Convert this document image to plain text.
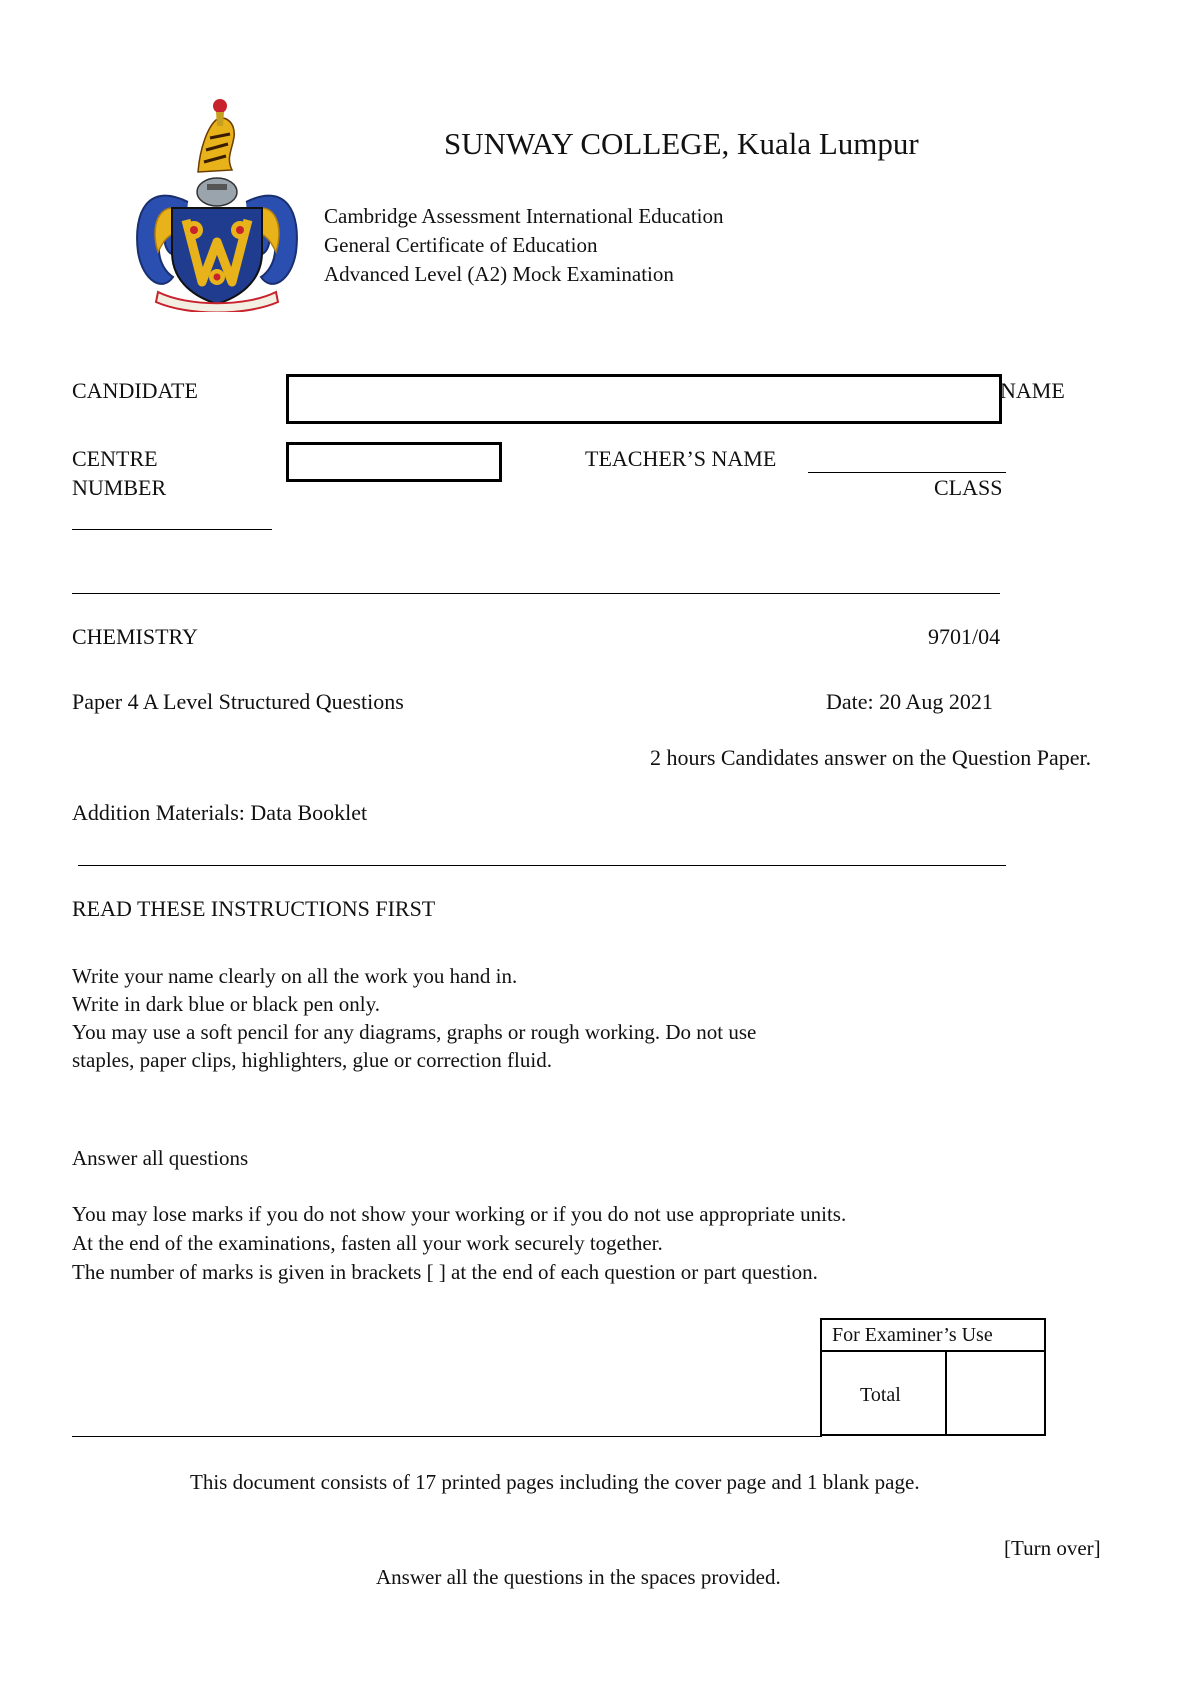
SUNWAY COLLEGE, Kuala Lumpur
Cambridge Assessment International Education
General Certificate of Education
Advanced Level (A2) Mock Examination
CANDIDATE	NAME
CENTRE
NUMBER
TEACHER’S NAME
CLASS
CHEMISTRY	9701/04
Paper 4 A Level Structured Questions	Date: 20 Aug 2021
2 hours Candidates answer on the Question Paper.
Addition Materials: Data Booklet
READ THESE INSTRUCTIONS FIRST
Write your name clearly on all the work you hand in.
Write in dark blue or black pen only.
You may use a soft pencil for any diagrams, graphs or rough working. Do not use
staples, paper clips, highlighters, glue or correction fluid.
Answer all questions
You may lose marks if you do not show your working or if you do not use appropriate units.
At the end of the examinations, fasten all your work securely together.
The number of marks is given in brackets [ ] at the end of each question or part question.
For Examiner’s Use
Total
This document consists of 17 printed pages including the cover page and 1 blank page.
[Turn over]
Answer all the questions in the spaces provided.
